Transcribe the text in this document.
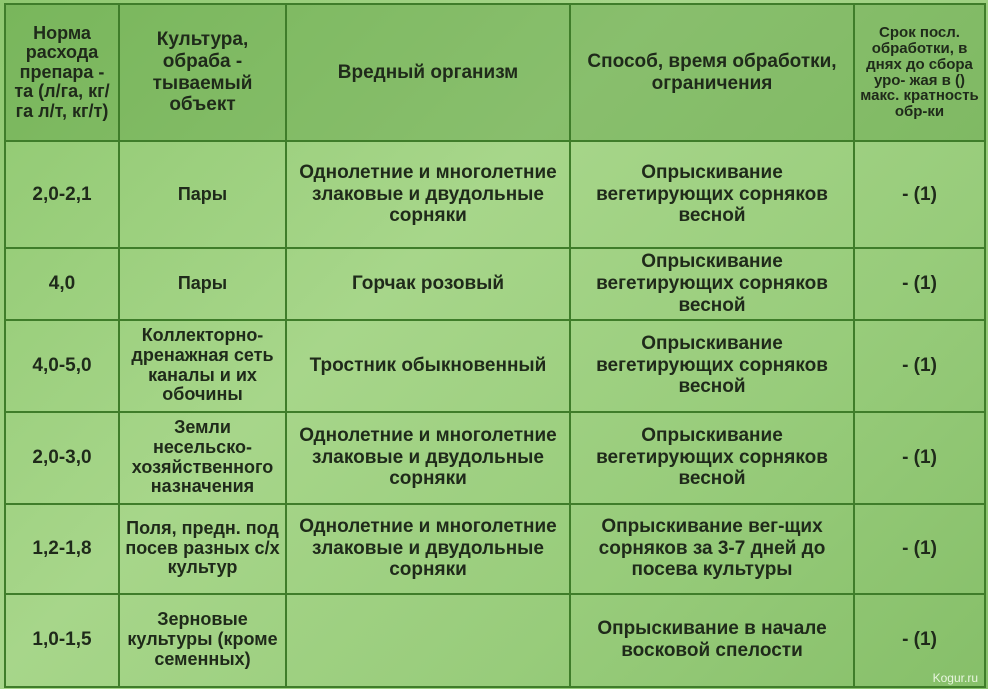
Норма расхода препара - та (л/га, кг/га л/т, кг/т)	Культура, обраба - тываемый объект	Вредный организм	Способ, время обработки, ограничения	Срок посл. обработки, в днях до сбора уро- жая в () макс. кратность обр-ки
2,0-2,1	Пары	Однолетние и многолетние злаковые и двудольные сорняки	Опрыскивание вегетирующих сорняков весной	- (1)
4,0	Пары	Горчак розовый	Опрыскивание вегетирующих сорняков весной	- (1)
4,0-5,0	Коллекторно-дренажная сеть каналы и их обочины	Тростник обыкновенный	Опрыскивание вегетирующих сорняков весной	- (1)
2,0-3,0	Земли несельско-хозяйственного назначения	Однолетние и многолетние злаковые и двудольные сорняки	Опрыскивание вегетирующих сорняков весной	- (1)
1,2-1,8	Поля, предн. под посев разных с/х культур	Однолетние и многолетние злаковые и двудольные сорняки	Опрыскивание вег-щих сорняков за 3-7 дней до посева культуры	- (1)
1,0-1,5	Зерновые культуры (кроме семенных)		Опрыскивание в начале восковой спелости	- (1)
Kogur.ru
